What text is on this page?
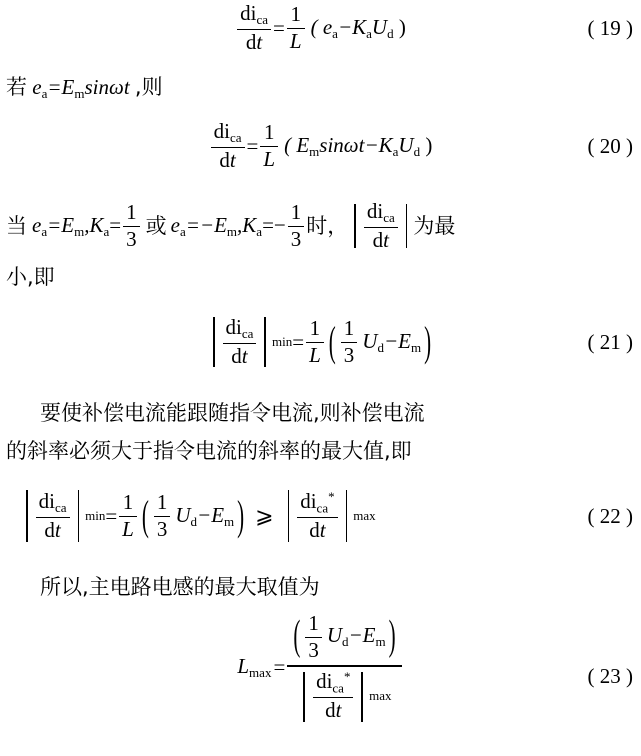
$\frac{di_{ca}}{dt} = \frac{1}{L}$ ( $e_a-K_aU_d$ )	( 19 )
若 $e_a=E_m\sin\omega t$ ,则
$\frac{di_{ca}}{dt} = \frac{1}{L}$ ( $E_m\sin\omega t-K_aU_d$ )	( 20 )
当 $e_a=E_m,K_a= \frac{1}{3}$ 或 $e_a=-E_m,K_a=- \frac{1}{3}$ 时， $\frac{di_{ca}}{dt}$ 为最
小,即
$\frac{di_{ca}}{dt}$ $\min = \frac{1}{L}$ ( $\frac{1}{3} U_d-E_m$ )	( 21 )
要使补偿电流能跟随指令电流,则补偿电流
的斜率必须大于指令电流的斜率的最大值,即
$\frac{di_{ca}}{dt}$ $\min = \frac{1}{L}$ ( $\frac{1}{3} U_d-E_m$ ) ⩾ $\frac{di_{ca}^*}{dt}$ max	( 22 )
所以,主电路电感的最大取值为
$L_{max}$ =
( $\frac{1}{3} U_d-E_m$ )
$\frac{di_{ca}^*}{dt}$ max
( 23 )
